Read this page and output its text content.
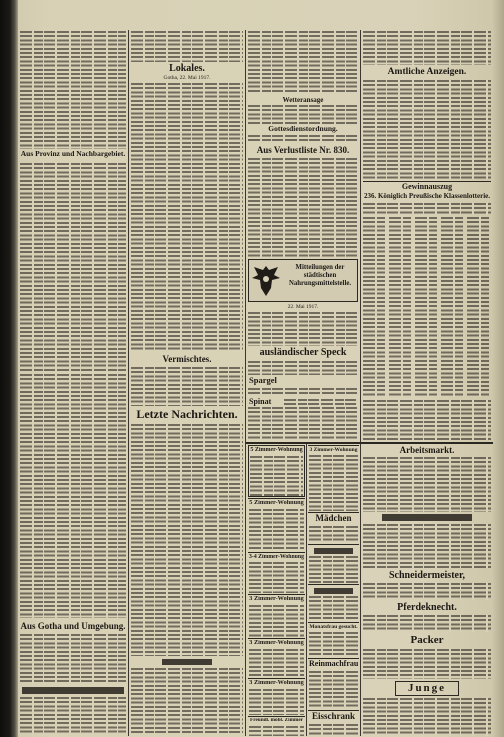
Aus Provinz und Nachbargebiet.
Aus Gotha und Umgebung.
Lokales.
Gotha, 22. Mai 1917.
Vermischtes.
Letzte Nachrichten.
Wetteransage
Gottesdienstordnung.
Aus Verlustliste Nr. 830.
Mitteilungen der städtischen Nahrungsmittelstelle.
22. Mai 1917.
ausländischer Speck
Spargel
Spinat
Amtliche Anzeigen.
Gewinnauszug
236. Königlich Preußische Klassenlotterie.
5 Zimmer-Wohnung
5 Zimmer-Wohnung
3-4 Zimmer-Wohnung
3 Zimmer-Wohnung
3 Zimmer-Wohnung
3 Zimmer-Wohnung
Freundl. möbl. Zimmer
3 Zimmer-Wohnung
Mädchen
Monatsfrau gesucht.
Reinmachfrau
Eisschrank
Arbeitsmarkt.
Schneidermeister,
Pferdeknecht.
Packer
Junge
